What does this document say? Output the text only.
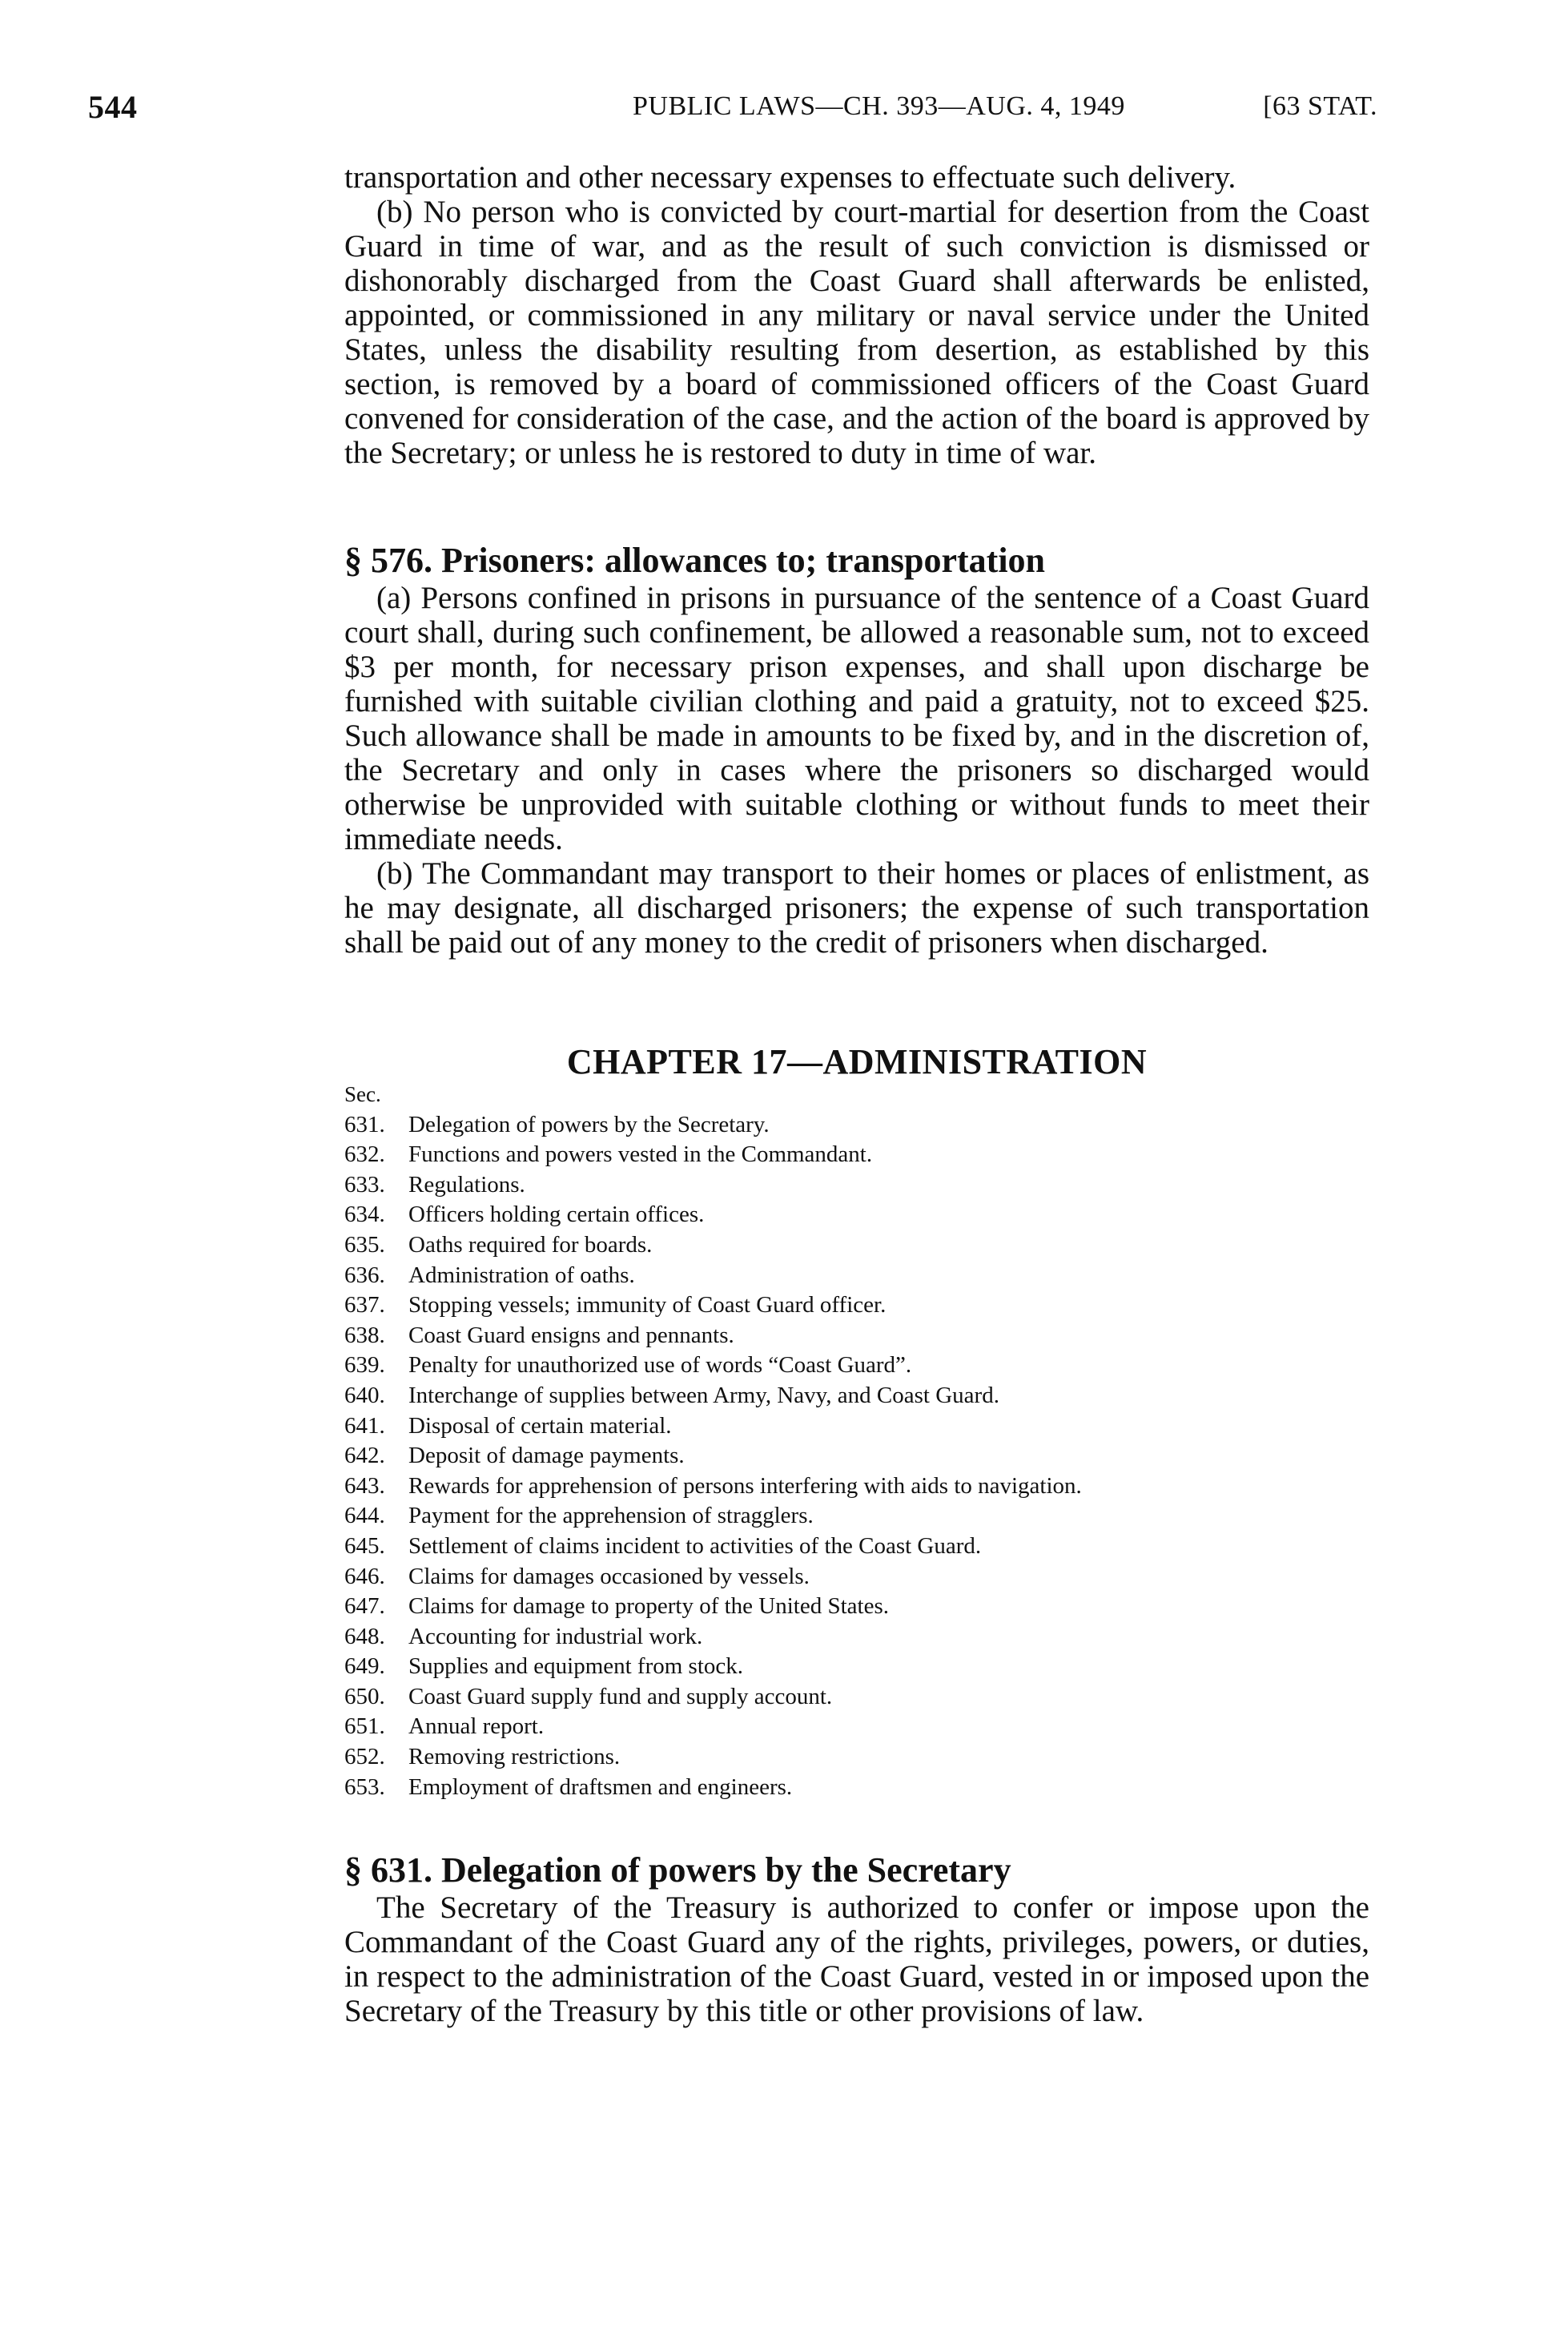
544	PUBLIC LAWS—CH. 393—AUG. 4, 1949	[63 STAT.

transportation and other necessary expenses to effectuate such delivery.

(b) No person who is convicted by court-martial for desertion from the Coast Guard in time of war, and as the result of such conviction is dismissed or dishonorably discharged from the Coast Guard shall afterwards be enlisted, appointed, or commissioned in any military or naval service under the United States, unless the disability resulting from desertion, as established by this section, is removed by a board of commissioned officers of the Coast Guard convened for consideration of the case, and the action of the board is approved by the Secretary; or unless he is restored to duty in time of war.

§ 576. Prisoners: allowances to; transportation

(a) Persons confined in prisons in pursuance of the sentence of a Coast Guard court shall, during such confinement, be allowed a reasonable sum, not to exceed $3 per month, for necessary prison expenses, and shall upon discharge be furnished with suitable civilian clothing and paid a gratuity, not to exceed $25. Such allowance shall be made in amounts to be fixed by, and in the discretion of, the Secretary and only in cases where the prisoners so discharged would otherwise be unprovided with suitable clothing or without funds to meet their immediate needs.

(b) The Commandant may transport to their homes or places of enlistment, as he may designate, all discharged prisoners; the expense of such transportation shall be paid out of any money to the credit of prisoners when discharged.

CHAPTER 17—ADMINISTRATION
Sec.
631. Delegation of powers by the Secretary.
632. Functions and powers vested in the Commandant.
633. Regulations.
634. Officers holding certain offices.
635. Oaths required for boards.
636. Administration of oaths.
637. Stopping vessels; immunity of Coast Guard officer.
638. Coast Guard ensigns and pennants.
639. Penalty for unauthorized use of words “Coast Guard”.
640. Interchange of supplies between Army, Navy, and Coast Guard.
641. Disposal of certain material.
642. Deposit of damage payments.
643. Rewards for apprehension of persons interfering with aids to navigation.
644. Payment for the apprehension of stragglers.
645. Settlement of claims incident to activities of the Coast Guard.
646. Claims for damages occasioned by vessels.
647. Claims for damage to property of the United States.
648. Accounting for industrial work.
649. Supplies and equipment from stock.
650. Coast Guard supply fund and supply account.
651. Annual report.
652. Removing restrictions.
653. Employment of draftsmen and engineers.

§ 631. Delegation of powers by the Secretary

The Secretary of the Treasury is authorized to confer or impose upon the Commandant of the Coast Guard any of the rights, privileges, powers, or duties, in respect to the administration of the Coast Guard, vested in or imposed upon the Secretary of the Treasury by this title or other provisions of law.
